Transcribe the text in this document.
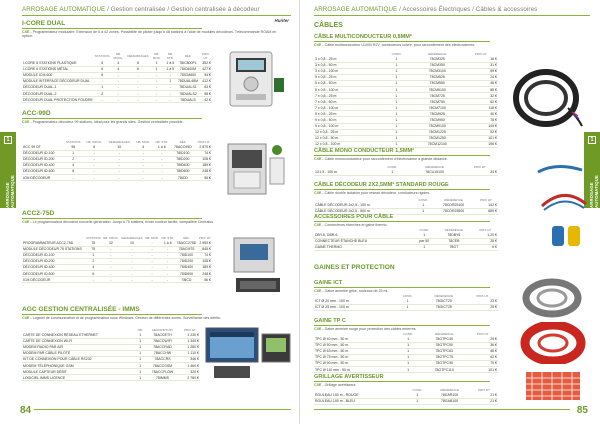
ARROSAGE AUTOMATIQUE / Gestion centralisée / Gestion centralisée à décodeur
Hunter
1
ARROSAGE AUTOMATIQUE
I-CORE DUAL
CXE - Programmateur modulaire. Extension de 6 à 42 zones. Possibilité de piloter jusqu'à 48 stations à l'aide de modules décodeurs. Télécommande ROAM en option.
	STATIONS	NB. PROG.	DÉMARRAGES	NB. MOD.	NB. STD.	RÉF.	PRIX HT
I-CORE 8 STATIONS PLASTIQUE	6	4	8	1	1 à 5	78IC800PL	352 €
I-CORE 6 STATIONS MÉTAL	6	4	8	1	1 à 5	78IC600M	427 €
MODULE ICM-600	6	-	-	-	-	78ICM600	94 €
MODULE INTERFACE DÉCODEUR DUAL	-	-	-	-	1	78DUAL48M	412 €
DÉCODEUR DUAL-1	1	-	-	-	-	78DUALS1	63 €
DÉCODEUR DUAL-2	2	-	-	-	-	78DUALS2	98 €
DÉCODEUR DUAL PROTECTION FOUDRE	-	-	-	-	-	78DUALS	42 €
ACC-99D
CXE - Programmateur décodeur 99 stations, idéal pour les grands sites. Gestion centralisée possible.
	STATIONS	NB. PROG.	DÉMARRAGES	NB. MOD.	NB. STD.	RÉF.	PRIX HT
ACC 99 DT	99	6	10	4	1 à 6	78ACC99D	2 870 €
DÉCODEUR ID-100	1	-	-	-	-	78ID100	74 €
DÉCODEUR ID-200	2	-	-	-	-	78ID200	108 €
DÉCODEUR ID-400	4	-	-	-	-	78ID400	189 €
DÉCODEUR ID-600	6	-	-	-	-	78ID600	248 €
ICM DÉCODEUR	-	-	-	-	-	78ICD	56 €
ACC2-75D
CXE - Le programmateur décodeur nouvelle génération. Jusqu'à 75 stations, écran couleur tactile, compatible Centralus.
	STATIONS	NB. PROG.	DÉMARRAGES	NB. MOD.	NB. STD.	RÉF.	PRIX HT
PROGRAMMATEUR ACC2-75D	75	32	10	-	1 à 6	78ACC275D	2 950 €
MODULE DÉCODEUR 75 STATIONS	75	-	-	-	-	78ACM75	845 €
DÉCODEUR ID-100	1	-	-	-	-	78ID100	74 €
DÉCODEUR ID-200	2	-	-	-	-	78ID200	108 €
DÉCODEUR ID-400	4	-	-	-	-	78ID400	189 €
DÉCODEUR ID-600	6	-	-	-	-	78ID600	248 €
ICM DÉCODEUR	-	-	-	-	-	78ICD	56 €
AGC GESTION CENTRALISÉE - IMMS
CXE - Logiciel de communication et de programmation sous Windows. Gestion de différentes zones. Surveillance des débits.
	NB.	DESCRIPTION	PRIX HT
CARTE DE CONNEXION RÉSEAU ETHERNET	1	78ACCETH	1 230 €
CARTE DE CONNEXION WI-FI	1	78ACCWIFI	1 340 €
MODEM RADIO PAR AIR	1	78ACCRAD	1 280 €
MODEM PAR CÂBLE PILOTE	1	78ACCHW	1 110 €
KIT DE CONNEXION POUR CÂBLE RS232	1	78ACCRS	346 €
MODEM TÉLÉPHONIQUE GSM	1	78ACCGSM	1 460 €
MODULE CAPTEUR DÉBIT	1	78ACCFLOW	320 €
LOGICIEL IMMS LICENCE	1	78IMMS	2 780 €
84
ARROSAGE AUTOMATIQUE / Accessoires Électriques / Câbles & accessoires
1
ARROSAGE AUTOMATIQUE
CÂBLES
CÂBLE MULTICONDUCTEUR 0,8MM²
CXE - Câble multiconducteur U1000 R2V, conducteurs cuivre, pour raccordement des électrovannes.
	COND.	RÉFÉRENCE	PRIX HT
3 x 0,8 - 25 m	1	78CM325	16 €
3 x 0,8 - 50 m	1	78CM350	31 €
3 x 0,8 - 100 m	1	78CM3100	59 €
5 x 0,8 - 25 m	1	78CM525	24 €
5 x 0,8 - 50 m	1	78CM550	46 €
5 x 0,8 - 100 m	1	78CM5100	88 €
7 x 0,8 - 25 m	1	78CM725	32 €
7 x 0,8 - 50 m	1	78CM750	62 €
7 x 0,8 - 100 m	1	78CM7100	118 €
9 x 0,8 - 25 m	1	78CM925	40 €
9 x 0,8 - 50 m	1	78CM950	78 €
9 x 0,8 - 100 m	1	78CM9100	149 €
12 x 0,8 - 25 m	1	78CM1225	52 €
12 x 0,8 - 50 m	1	78CM1250	101 €
12 x 0,8 - 100 m	1	78CM12100	196 €
CÂBLE MONO CONDUCTEUR 1,5MM²
CXE - Câble monoconducteur pour raccordement d'électrovanne à grande distance.
	COND.	RÉFÉRENCE	PRIX HT
1X1,5 - 100 m	1	78CU15100	34 €
CÂBLE DÉCODEUR 2X2,5MM² STANDARD ROUGE
CXE - Câble double isolation pour réseau décodeur, conducteurs rigides.
	COND.	RÉFÉRENCE	PRIX HT
CÂBLE DÉCODEUR 2x2,5 - 100 m	1	78CDR25100	142 €
CÂBLE DÉCODEUR 2x2,5 - 500 m	1	78CDR25500	689 €
ACCESSOIRES POUR CÂBLE
CXE - Connecteurs étanches et gaine thermo.
	COND.	RÉFÉRENCE	PRIX HT
DBY-6, DBR-6	1	78DBY6	1,20 €
CONNECTEUR ÉTANCHE BLEU	par 50	78CEB	28 €
GAINE THERMO	1	78GT	6 €
GAINES ET PROTECTION
GAINE ICT
CXE - Gaine annelée grise, rouleaux de 25 ml.
	COND.	RÉFÉRENCE	PRIX HT
ICT Ø 20 mm - 100 m	1	78GICT20	23 €
ICT Ø 25 mm - 100 m	1	78GICT25	29 €
GAINE TP C
CXE - Gaine annelée rouge pour protection des câbles enterrés.
	COND.	RÉFÉRENCE	PRIX HT
TPC Ø 40 mm - 50 m	1	78GTPC40	29 €
TPC Ø 50 mm - 50 m	1	78GTPC50	36 €
TPC Ø 63 mm - 50 m	1	78GTPC63	48 €
TPC Ø 75 mm - 50 m	1	78GTPC75	62 €
TPC Ø 90 mm - 50 m	1	78GTPC90	79 €
TPC Ø 110 mm - 50 m	1	78GTPC110	101 €
GRILLAGE AVERTISSEUR
CXE - Grillage avertisseur.
	COND.	RÉFÉRENCE	PRIX HT
ROULEAU 100 m - ROUGE	1	78GAR100	21 €
ROULEAU 100 m - BLEU	1	78GAB100	21 €
85
